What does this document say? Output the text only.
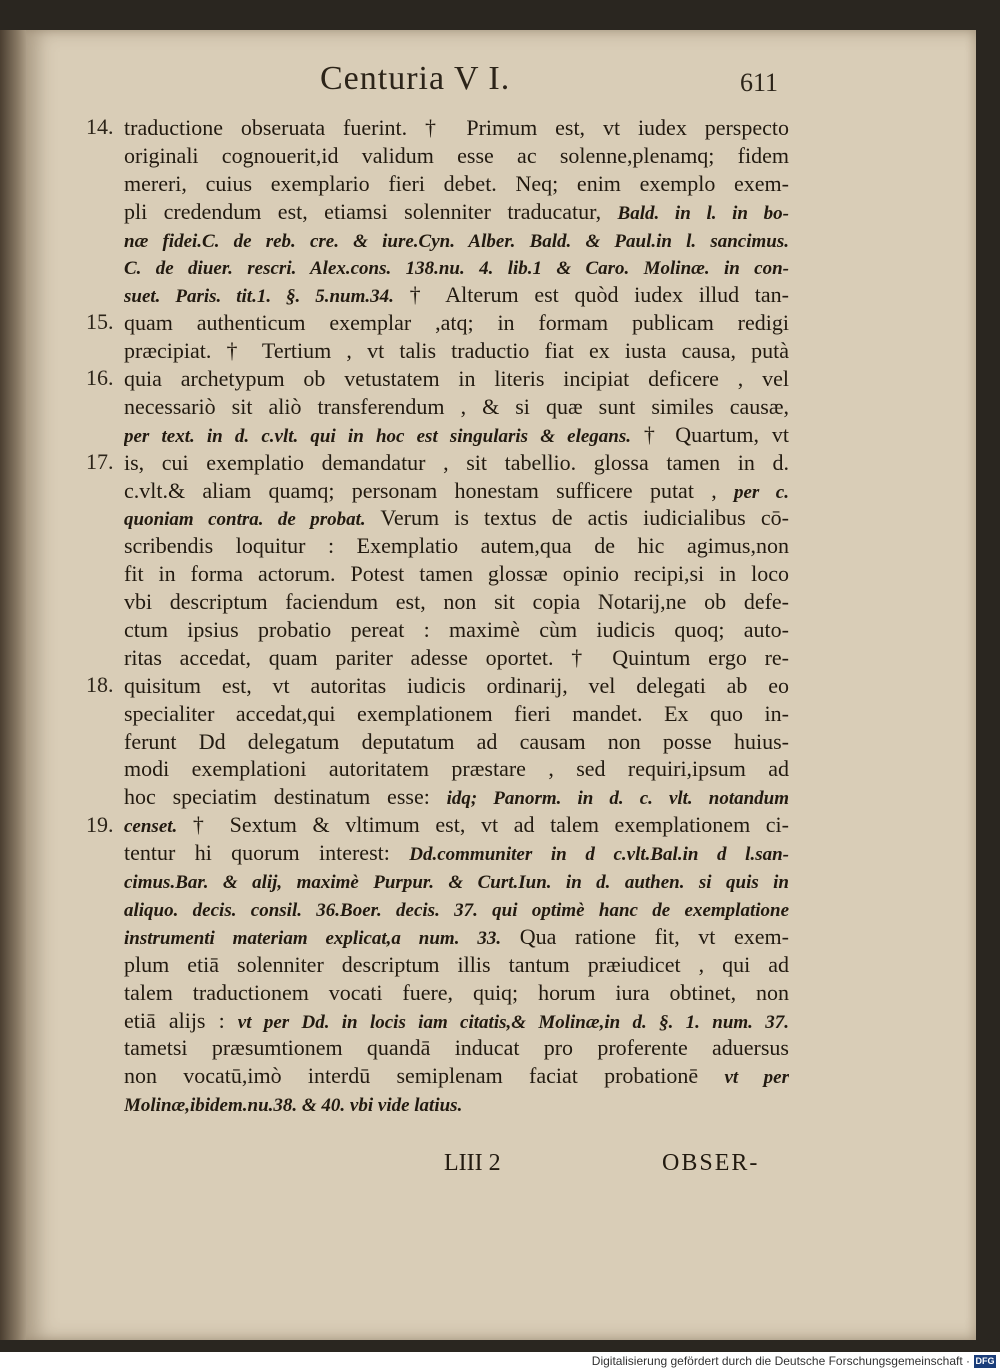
Centuria V I.	611
14.
15.
16.
17.
18.
19.
traductione obseruata fuerint. † Primum est, vt iudex perspecto
originali cognouerit,id validum esse ac solenne,plenamq; fidem
mereri, cuius exemplario fieri debet. Neq; enim exemplo exem-
pli credendum est, etiamsi solenniter traducatur, Bald. in l. in bo-
næ fidei.C. de reb. cre. & iure.Cyn. Alber. Bald. & Paul.in l. sancimus.
C. de diuer. rescri. Alex.cons. 138.nu. 4. lib.1 & Caro. Molinæ. in con-
suet. Paris. tit.1. §. 5.num.34. † Alterum est quòd iudex illud tan-
quam authenticum exemplar ,atq; in formam publicam redigi
præcipiat. † Tertium , vt talis traductio fiat ex iusta causa, putà
quia archetypum ob vetustatem in literis incipiat deficere , vel
necessariò sit aliò transferendum , & si quæ sunt similes causæ,
per text. in d. c.vlt. qui in hoc est singularis & elegans. † Quartum, vt
is, cui exemplatio demandatur , sit tabellio. glossa tamen in d.
c.vlt.& aliam quamq; personam honestam sufficere putat , per c.
quoniam contra. de probat. Verum is textus de actis iudicialibus cō-
scribendis loquitur : Exemplatio autem,qua de hic agimus,non
fit in forma actorum. Potest tamen glossæ opinio recipi,si in loco
vbi descriptum faciendum est, non sit copia Notarij,ne ob defe-
ctum ipsius probatio pereat : maximè cùm iudicis quoq; auto-
ritas accedat, quam pariter adesse oportet. † Quintum ergo re-
quisitum est, vt autoritas iudicis ordinarij, vel delegati ab eo
specialiter accedat,qui exemplationem fieri mandet. Ex quo in-
ferunt Dd delegatum deputatum ad causam non posse huius-
modi exemplationi autoritatem præstare , sed requiri,ipsum ad
hoc speciatim destinatum esse: idq; Panorm. in d. c. vlt. notandum
censet. † Sextum & vltimum est, vt ad talem exemplationem ci-
tentur hi quorum interest: Dd.communiter in d c.vlt.Bal.in d l.san-
cimus.Bar. & alij, maximè Purpur. & Curt.Iun. in d. authen. si quis in
aliquo. decis. consil. 36.Boer. decis. 37. qui optimè hanc de exemplatione
instrumenti materiam explicat,a num. 33. Qua ratione fit, vt exem-
plum etiā solenniter descriptum illis tantum præiudicet , qui ad
talem traductionem vocati fuere, quiq; horum iura obtinet, non
etiā alijs : vt per Dd. in locis iam citatis,& Molinæ,in d. §. 1. num. 37.
tametsi præsumtionem quandā inducat pro proferente aduersus
non vocatū,imò interdū semiplenam faciat probationē vt per
Molinæ,ibidem.nu.38. & 40. vbi vide latius.
LIII 2	OBSER-
Digitalisierung gefördert durch die Deutsche Forschungsgemeinschaft · DFG
